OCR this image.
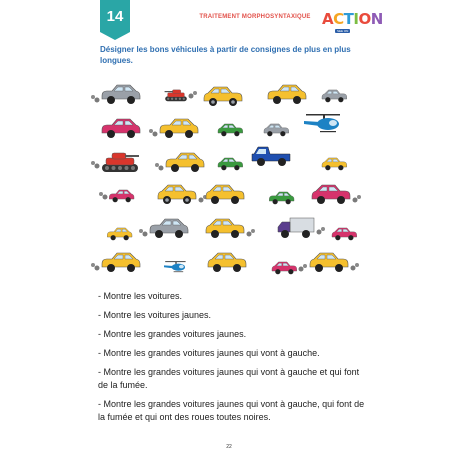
14	TRAITEMENT MORPHOSYNTAXIQUE ACTION
SEE ON
Désigner les bons véhicules à partir de consignes de plus en plus longues.
- Montre les voitures.
- Montre les voitures jaunes.
- Montre les grandes voitures jaunes.
- Montre les grandes voitures jaunes qui vont à gauche.
- Montre les grandes voitures jaunes qui vont à gauche et qui font de la fumée.
- Montre les grandes voitures jaunes qui vont à gauche, qui font de la fumée et qui ont des roues toutes noires.
22
